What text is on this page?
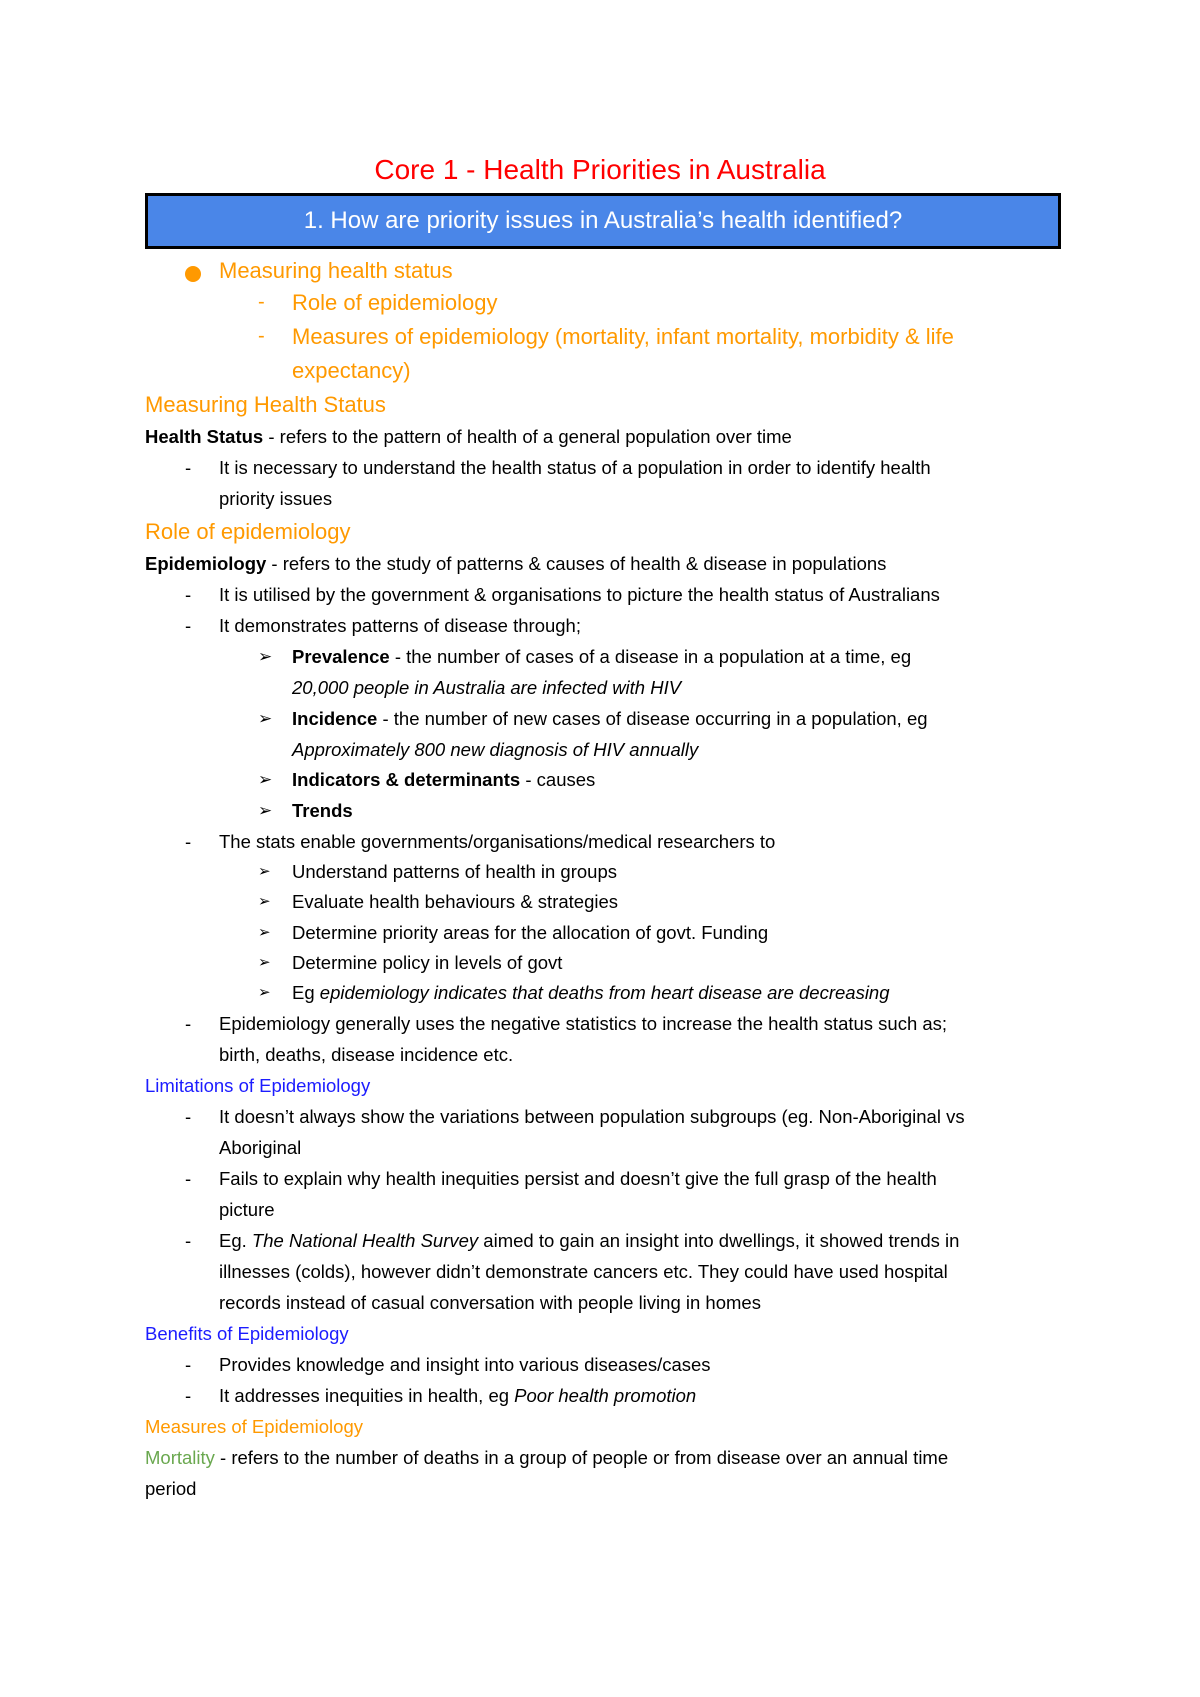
Core 1 - Health Priorities in Australia
1. How are priority issues in Australia’s health identified?
Measuring health status
- Role of epidemiology
- Measures of epidemiology (mortality, infant mortality, morbidity & life
expectancy)
Measuring Health Status
Health Status - refers to the pattern of health of a general population over time
- It is necessary to understand the health status of a population in order to identify health
priority issues
Role of epidemiology
Epidemiology - refers to the study of patterns & causes of health & disease in populations
- It is utilised by the government & organisations to picture the health status of Australians
- It demonstrates patterns of disease through;
➢ Prevalence - the number of cases of a disease in a population at a time, eg
20,000 people in Australia are infected with HIV
➢ Incidence - the number of new cases of disease occurring in a population, eg
Approximately 800 new diagnosis of HIV annually
➢ Indicators & determinants - causes
➢ Trends
- The stats enable governments/organisations/medical researchers to
➢ Understand patterns of health in groups
➢ Evaluate health behaviours & strategies
➢ Determine priority areas for the allocation of govt. Funding
➢ Determine policy in levels of govt
➢ Eg epidemiology indicates that deaths from heart disease are decreasing
- Epidemiology generally uses the negative statistics to increase the health status such as;
birth, deaths, disease incidence etc.
Limitations of Epidemiology
- It doesn’t always show the variations between population subgroups (eg. Non-Aboriginal vs
Aboriginal
- Fails to explain why health inequities persist and doesn’t give the full grasp of the health
picture
- Eg. The National Health Survey aimed to gain an insight into dwellings, it showed trends in
illnesses (colds), however didn’t demonstrate cancers etc. They could have used hospital
records instead of casual conversation with people living in homes
Benefits of Epidemiology
- Provides knowledge and insight into various diseases/cases
- It addresses inequities in health, eg Poor health promotion
Measures of Epidemiology
Mortality - refers to the number of deaths in a group of people or from disease over an annual time
period
